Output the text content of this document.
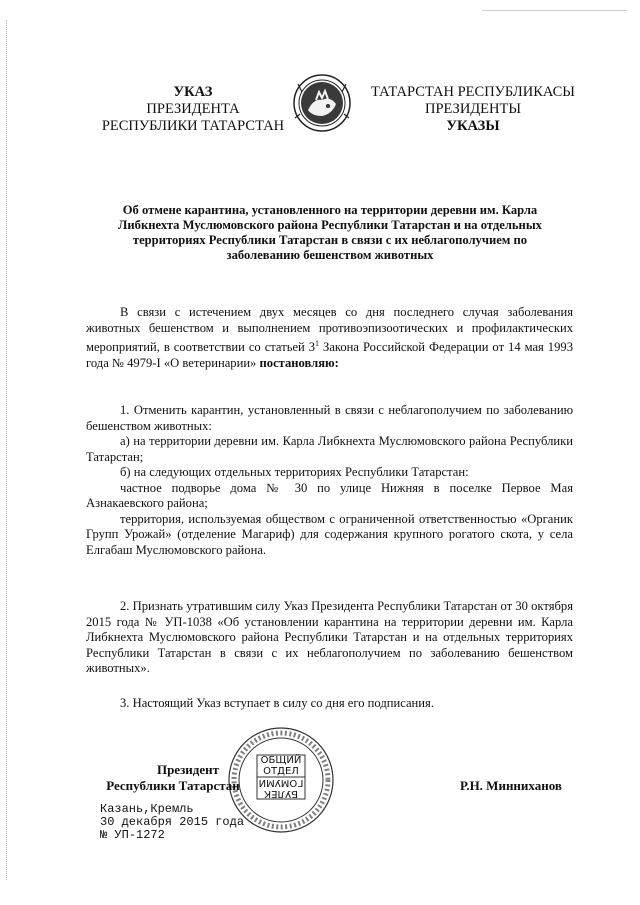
УКАЗ
ПРЕЗИДЕНТА
РЕСПУБЛИКИ ТАТАРСТАН
ТАТАРСТАН РЕСПУБЛИКАСЫ
ПРЕЗИДЕНТЫ
УКАЗЫ
Об отмене карантина, установленного на территории деревни им. Карла Либкнехта Муслюмовского района Республики Татарстан и на отдельных территориях Республики Татарстан в связи с их неблагополучием по заболеванию бешенством животных

В связи с истечением двух месяцев со дня последнего случая заболевания животных бешенством и выполнением противоэпизоотических и профилактических мероприятий, в соответствии со статьей $3^1$ Закона Российской Федерации от 14 мая 1993 года № 4979-I «О ветеринарии» постановляю:

1. Отменить карантин, установленный в связи с неблагополучием по заболеванию бешенством животных:

а) на территории деревни им. Карла Либкнехта Муслюмовского района Республики Татарстан;

б) на следующих отдельных территориях Республики Татарстан:

частное подворье дома № 30 по улице Нижняя в поселке Первое Мая Азнакаевского района;

территория, используемая обществом с ограниченной ответственностью «Органик Групп Урожай» (отделение Магариф) для содержания крупного рогатого скота, у села Елгабаш Муслюмовского района.

2. Признать утратившим силу Указ Президента Республики Татарстан от 30 октября 2015 года № УП-1038 «Об установлении карантина на территории деревни им. Карла Либкнехта Муслюмовского района Республики Татарстан и на отдельных территориях Республики Татарстан в связи с их неблагополучием по заболеванию бешенством животных».

3. Настоящий Указ вступает в силу со дня его подписания.

ОБЩИЙ
ОТДЕЛ
ГОМУМИ
БУЛЕК
Президент
Республики Татарстан	Р.Н. Минниханов
Казань,Кремль
30 декабря 2015 года
№ УП-1272
